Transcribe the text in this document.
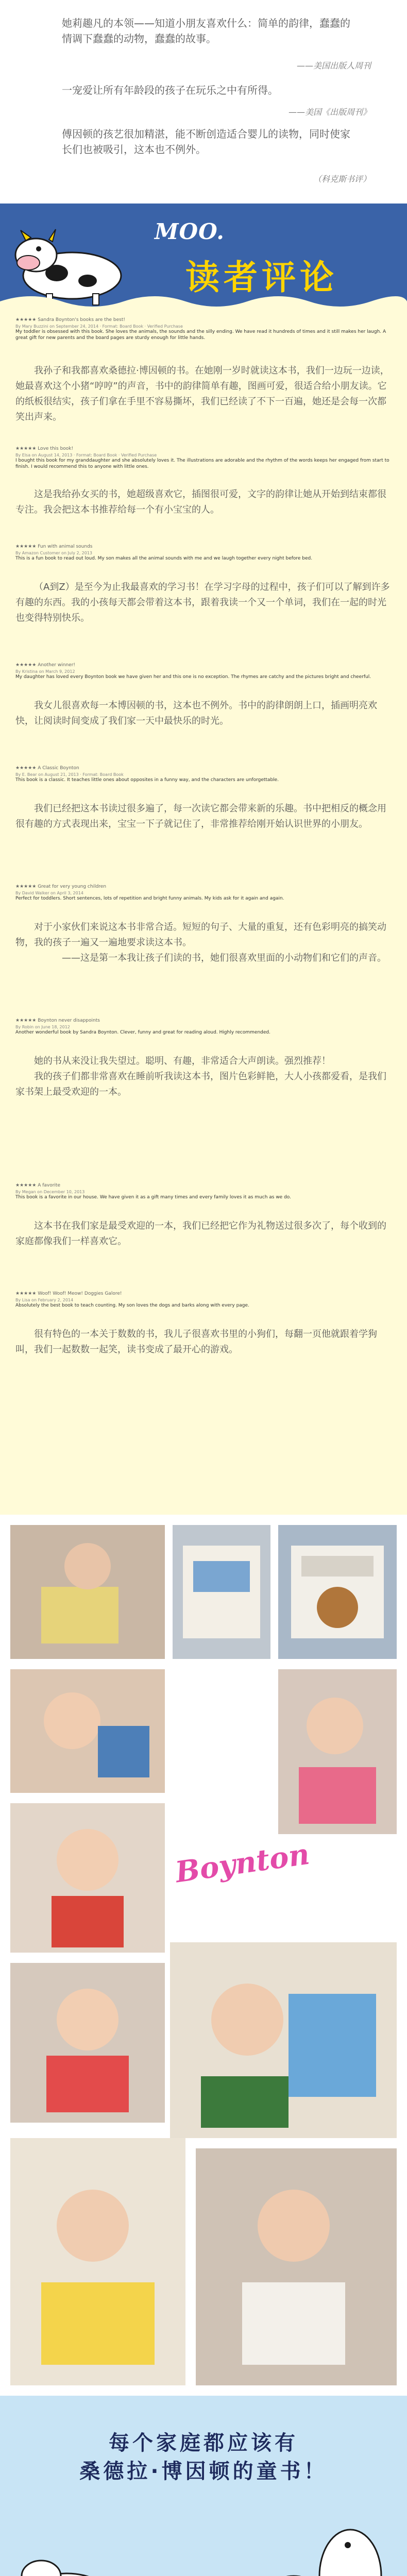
她莉趣凡的本领——知道小朋友喜欢什么：简单的韵律，蠢蠢的

情调下蠢蠢的动物，蠢蠢的故事。

——美国出版人周刊

一宠爱让所有年龄段的孩子在玩乐之中有所得。

——美国《出版周刊》

傅因顿的孩艺很加精湛，能不断创造适合婴儿的读物，同时使家

长们也被吸引，这本也不例外。

（科克斯书评）
MOO.
读者评论

★★★★★ Sandra Boynton's books are the best!

By Mary Buzzini on September 24, 2014 · Format: Board Book · Verified Purchase

My toddler is obsessed with this book. She loves the animals, the sounds and the silly ending. We have read it hundreds of times and it still makes her laugh. A great gift for new parents and the board pages are sturdy enough for little hands.

我孙子和我都喜欢桑德拉·博因顿的书。在她刚一岁时就读这本书，我们一边玩一边读，她最喜欢这个小猪“哼哼”的声音，书中的韵律简单有趣，图画可爱，很适合给小朋友读。它的纸板很结实，孩子们拿在手里不容易撕坏，我们已经读了不下一百遍，她还是会每一次都笑出声来。

★★★★★ Love this book!

By Elsa on August 14, 2013 · Format: Board Book · Verified Purchase

I bought this book for my granddaughter and she absolutely loves it. The illustrations are adorable and the rhythm of the words keeps her engaged from start to finish. I would recommend this to anyone with little ones.

这是我给孙女买的书，她超级喜欢它，插图很可爱，文字的韵律让她从开始到结束都很专注。我会把这本书推荐给每一个有小宝宝的人。

★★★★★ Fun with animal sounds

By Amazon Customer on July 2, 2013

This is a fun book to read out loud. My son makes all the animal sounds with me and we laugh together every night before bed.

（A到Z）是至今为止我最喜欢的学习书！在学习字母的过程中，孩子们可以了解到许多有趣的东西。我的小孩每天都会带着这本书，跟着我读一个又一个单词，我们在一起的时光也变得特别快乐。

★★★★★ Another winner!

By Kristina on March 9, 2012

My daughter has loved every Boynton book we have given her and this one is no exception. The rhymes are catchy and the pictures bright and cheerful.

我女儿很喜欢每一本博因顿的书，这本也不例外。书中的韵律朗朗上口，插画明亮欢快，让阅读时间变成了我们家一天中最快乐的时光。

★★★★★ A Classic Boynton

By E. Bear on August 21, 2013 · Format: Board Book

This book is a classic. It teaches little ones about opposites in a funny way, and the characters are unforgettable.

我们已经把这本书读过很多遍了，每一次读它都会带来新的乐趣。书中把相反的概念用很有趣的方式表现出来，宝宝一下子就记住了，非常推荐给刚开始认识世界的小朋友。

★★★★★ Great for very young children

By David Walker on April 3, 2014

Perfect for toddlers. Short sentences, lots of repetition and bright funny animals. My kids ask for it again and again.

对于小家伙们来说这本书非常合适。短短的句子、大量的重复，还有色彩明亮的搞笑动物，我的孩子一遍又一遍地要求读这本书。

——这是第一本我让孩子们读的书，她们很喜欢里面的小动物们和它们的声音。

★★★★★ Boynton never disappoints

By Robin on June 18, 2012

Another wonderful book by Sandra Boynton. Clever, funny and great for reading aloud. Highly recommended.

她的书从来没让我失望过。聪明、有趣，非常适合大声朗读。强烈推荐！

我的孩子们都非常喜欢在睡前听我读这本书，图片色彩鲜艳，大人小孩都爱看，是我们家书架上最受欢迎的一本。

★★★★★ A favorite

By Megan on December 10, 2013

This book is a favorite in our house. We have given it as a gift many times and every family loves it as much as we do.

这本书在我们家是最受欢迎的一本，我们已经把它作为礼物送过很多次了，每个收到的家庭都像我们一样喜欢它。

★★★★★ Woof! Woof! Meow! Doggies Galore!

By Lisa on February 2, 2014

Absolutely the best book to teach counting. My son loves the dogs and barks along with every page.

很有特色的一本关于数数的书，我儿子很喜欢书里的小狗们，每翻一页他就跟着学狗叫，我们一起数数一起笑，读书变成了最开心的游戏。

Boynton
每个家庭都应该有
桑德拉·博因顿的童书！
